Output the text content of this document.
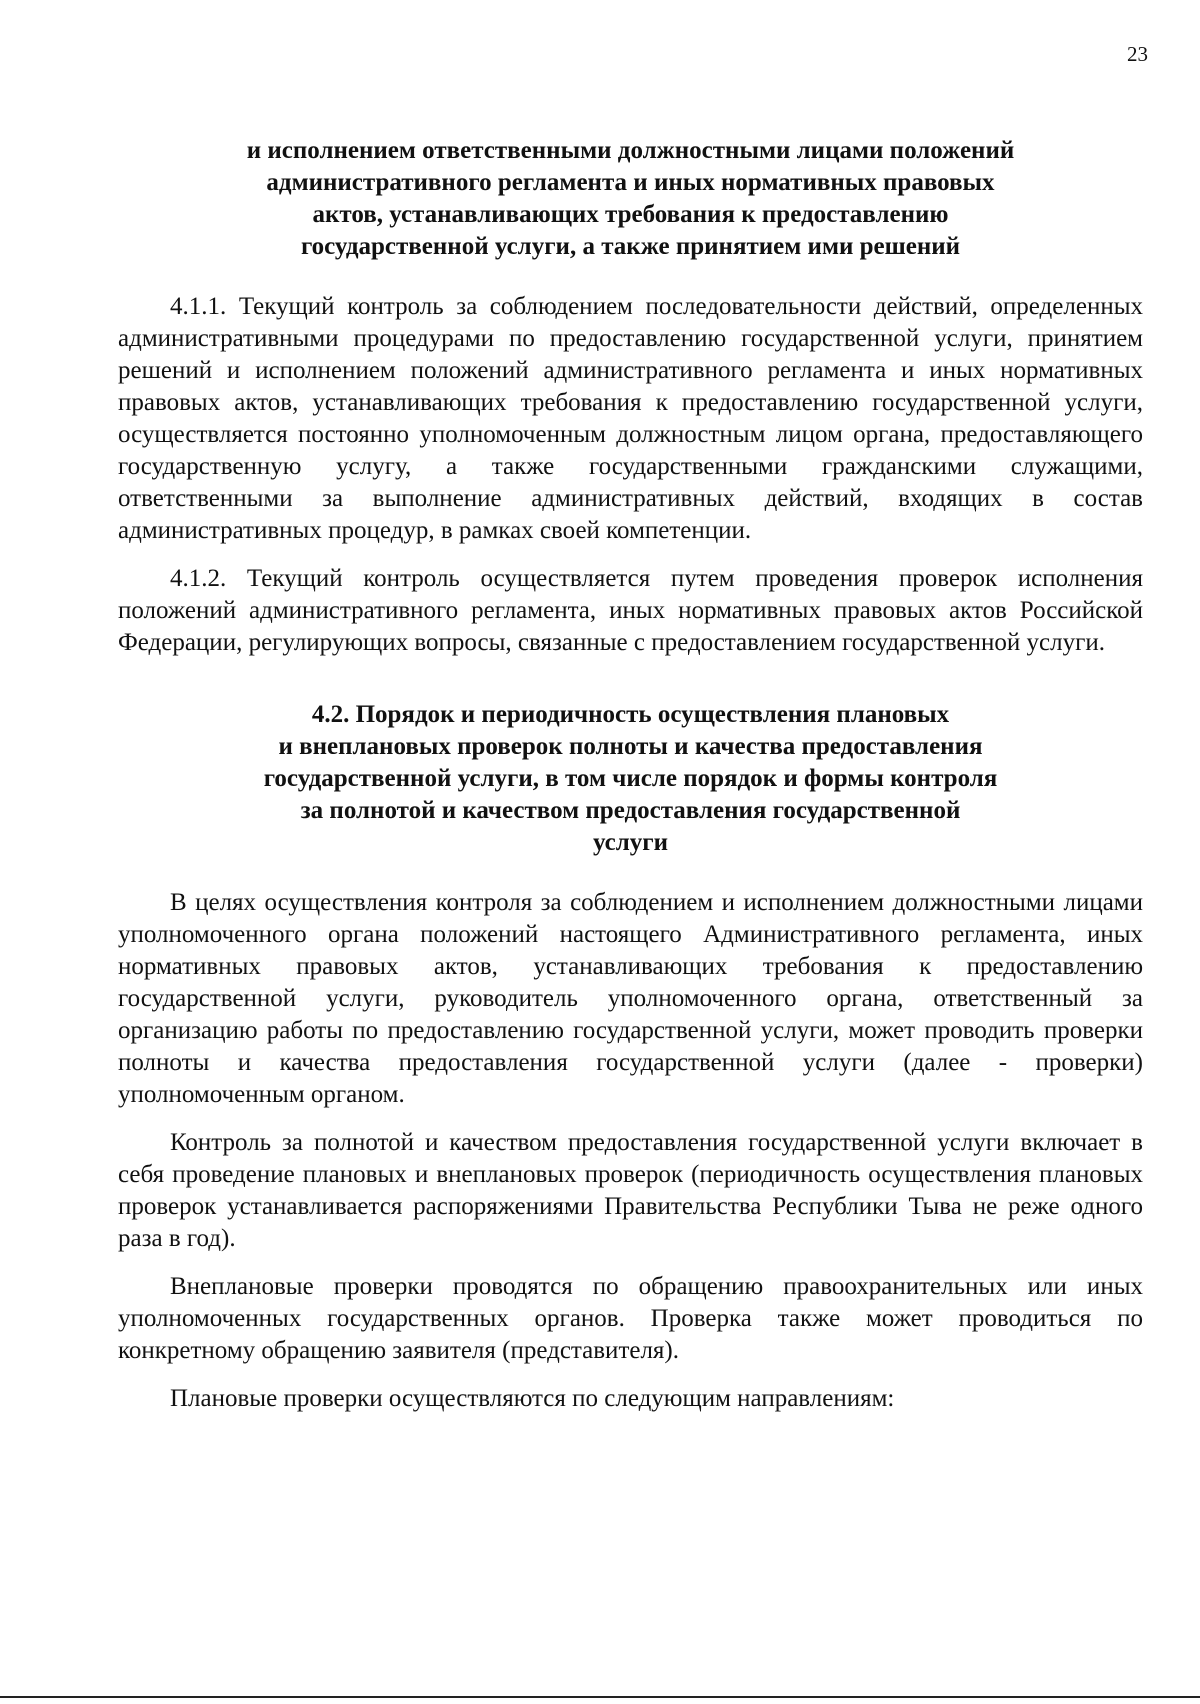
23
и исполнением ответственными должностными лицами положений
административного регламента и иных нормативных правовых
актов, устанавливающих требования к предоставлению
государственной услуги, а также принятием ими решений

4.1.1. Текущий контроль за соблюдением последовательности действий, определенных административными процедурами по предоставлению государственной услуги, принятием решений и исполнением положений административного регламента и иных нормативных правовых актов, устанавливающих требования к предоставлению государственной услуги, осуществляется постоянно уполномоченным должностным лицом органа, предоставляющего государственную услугу, а также государственными гражданскими служащими, ответственными за выполнение административных действий, входящих в состав административных процедур, в рамках своей компетенции.

4.1.2. Текущий контроль осуществляется путем проведения проверок исполнения положений административного регламента, иных нормативных правовых актов Российской Федерации, регулирующих вопросы, связанные с предоставлением государственной услуги.

4.2. Порядок и периодичность осуществления плановых
и внеплановых проверок полноты и качества предоставления
государственной услуги, в том числе порядок и формы контроля
за полнотой и качеством предоставления государственной
услуги

В целях осуществления контроля за соблюдением и исполнением должностными лицами уполномоченного органа положений настоящего Административного регламента, иных нормативных правовых актов, устанавливающих требования к предоставлению государственной услуги, руководитель уполномоченного органа, ответственный за организацию работы по предоставлению государственной услуги, может проводить проверки полноты и качества предоставления государственной услуги (далее - проверки) уполномоченным органом.

Контроль за полнотой и качеством предоставления государственной услуги включает в себя проведение плановых и внеплановых проверок (периодичность осуществления плановых проверок устанавливается распоряжениями Правительства Республики Тыва не реже одного раза в год).

Внеплановые проверки проводятся по обращению правоохранительных или иных уполномоченных государственных органов. Проверка также может проводиться по конкретному обращению заявителя (представителя).

Плановые проверки осуществляются по следующим направлениям:
